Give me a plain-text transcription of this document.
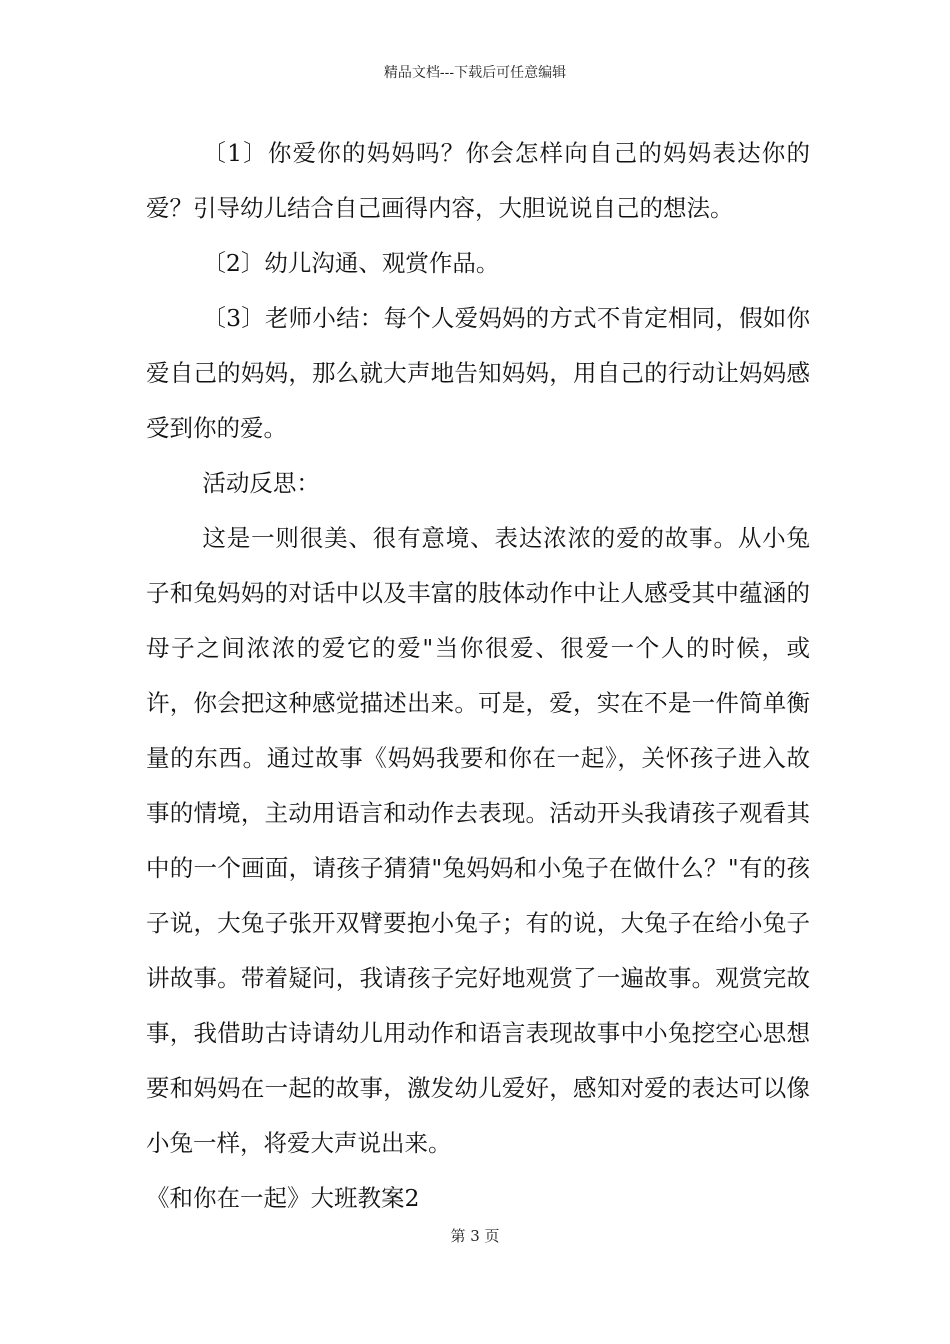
精品文档---下载后可任意编辑

〔1〕你爱你的妈妈吗？你会怎样向自己的妈妈表达你的爱？引导幼儿结合自己画得内容，大胆说说自己的想法。

〔2〕幼儿沟通、观赏作品。

〔3〕老师小结：每个人爱妈妈的方式不肯定相同，假如你爱自己的妈妈，那么就大声地告知妈妈，用自己的行动让妈妈感受到你的爱。

活动反思：

这是一则很美、很有意境、表达浓浓的爱的故事。从小兔子和兔妈妈的对话中以及丰富的肢体动作中让人感受其中蕴涵的母子之间浓浓的爱它的爱"当你很爱、很爱一个人的时候，或许，你会把这种感觉描述出来。可是，爱，实在不是一件简单衡量的东西。通过故事《妈妈我要和你在一起》，关怀孩子进入故事的情境，主动用语言和动作去表现。活动开头我请孩子观看其中的一个画面，请孩子猜猜"兔妈妈和小兔子在做什么？"有的孩子说，大兔子张开双臂要抱小兔子；有的说，大兔子在给小兔子讲故事。带着疑问，我请孩子完好地观赏了一遍故事。观赏完故事，我借助古诗请幼儿用动作和语言表现故事中小兔挖空心思想要和妈妈在一起的故事，激发幼儿爱好，感知对爱的表达可以像小兔一样，将爱大声说出来。

《和你在一起》大班教案2

第 3 页
